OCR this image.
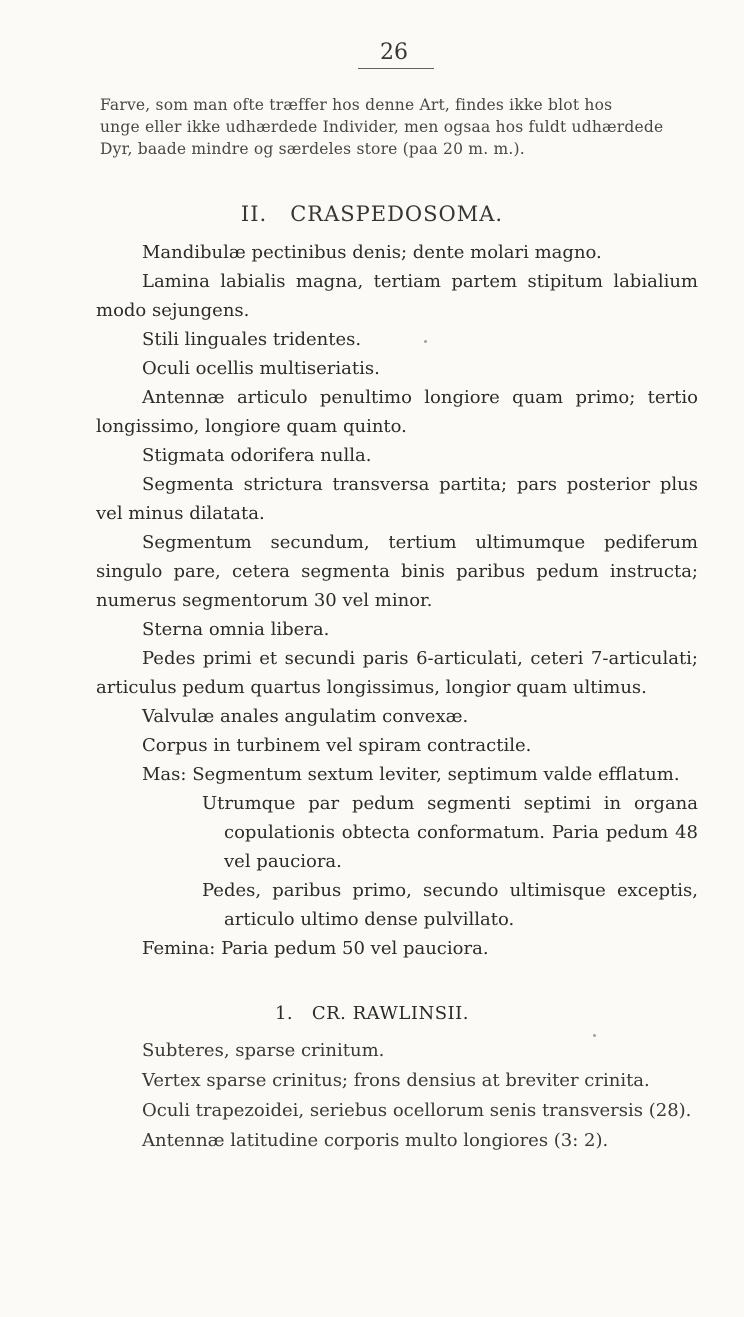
26
Farve, som man ofte træffer hos denne Art, findes ikke blot hos
unge eller ikke udhærdede Individer, men ogsaa hos fuldt udhærdede
Dyr, baade mindre og særdeles store (paa 20 m. m.).
II.   CRASPEDOSOMA.

Mandibulæ pectinibus denis; dente molari magno.

Lamina labialis magna, tertiam partem stipitum labialium modo sejungens.

Stili linguales tridentes.

Oculi ocellis multiseriatis.

Antennæ articulo penultimo longiore quam primo; tertio longissimo, longiore quam quinto.

Stigmata odorifera nulla.

Segmenta strictura transversa partita; pars posterior plus vel minus dilatata.

Segmentum secundum, tertium ultimumque pediferum singulo pare, cetera segmenta binis paribus pedum instructa; numerus segmentorum 30 vel minor.

Sterna omnia libera.

Pedes primi et secundi paris 6-articulati, ceteri 7-articulati; articulus pedum quartus longissimus, longior quam ultimus.

Valvulæ anales angulatim convexæ.

Corpus in turbinem vel spiram contractile.

Mas: Segmentum sextum leviter, septimum valde efflatum.

Utrumque par pedum segmenti septimi in organa copulationis obtecta conformatum. Paria pedum 48 vel pauciora.

Pedes, paribus primo, secundo ultimisque exceptis, articulo ultimo dense pulvillato.

Femina: Paria pedum 50 vel pauciora.

1.   CR. RAWLINSII.
Subteres, sparse crinitum.
Vertex sparse crinitus; frons densius at breviter crinita.
Oculi trapezoidei, seriebus ocellorum senis transversis (28).
Antennæ latitudine corporis multo longiores (3: 2).
